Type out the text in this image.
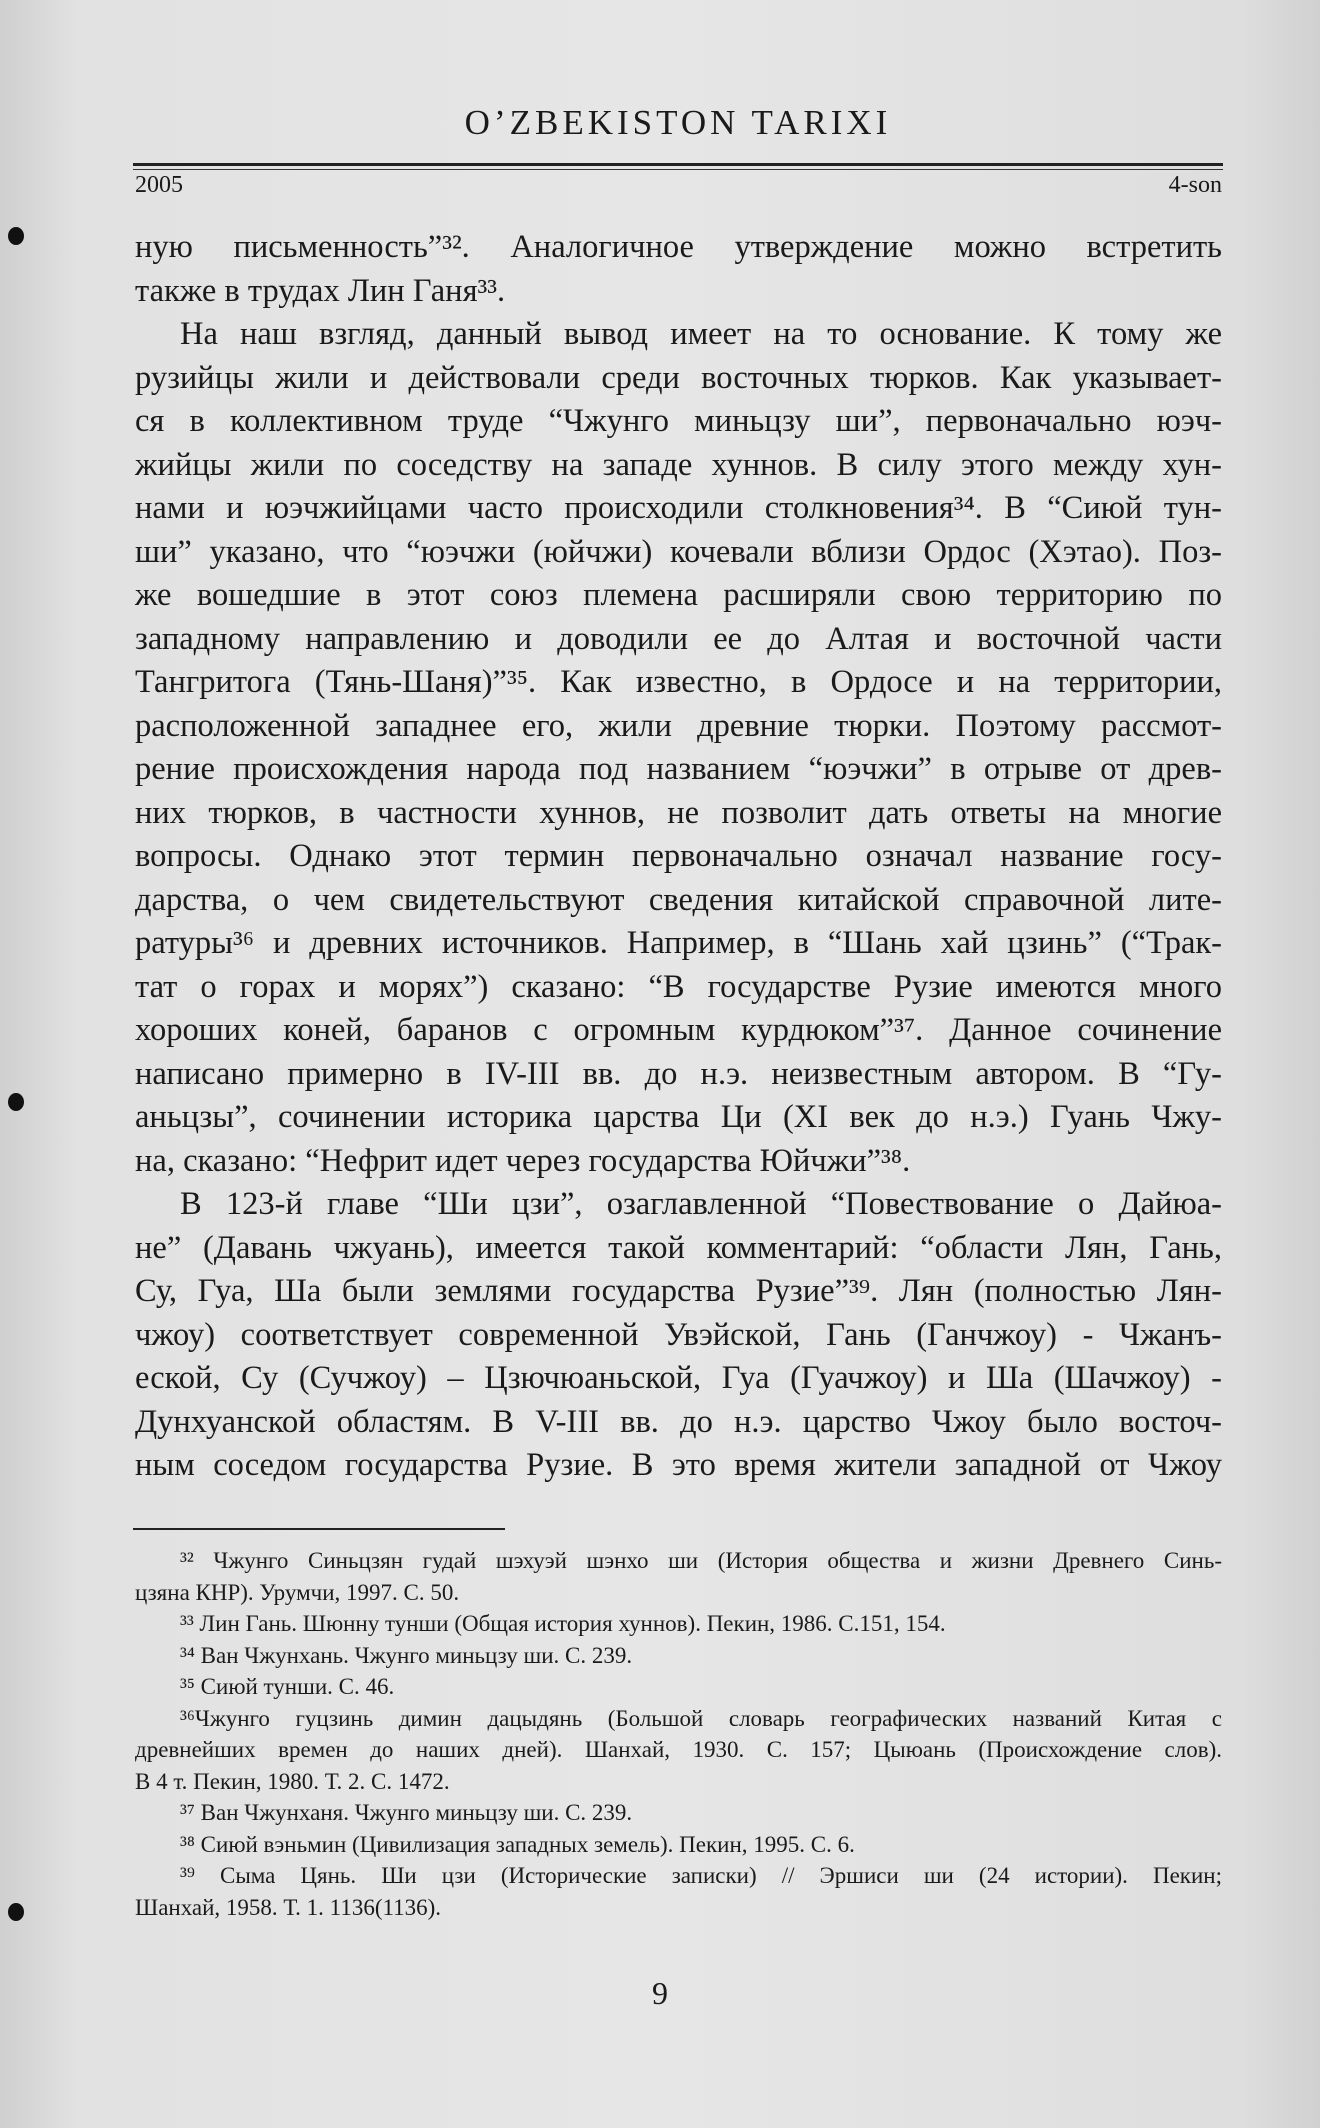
O’ZBEKISTON TARIXI
2005	4-son
ную письменность”³². Аналогичное утверждение можно встретить
также в трудах Лин Ганя³³.
На наш взгляд, данный вывод имеет на то основание. К тому же
рузийцы жили и действовали среди восточных тюрков. Как указывает-
ся в коллективном труде “Чжунго миньцзу ши”, первоначально юэч-
жийцы жили по соседству на западе хуннов. В силу этого между хун-
нами и юэчжийцами часто происходили столкновения³⁴. В “Сиюй тун-
ши” указано, что “юэчжи (юйчжи) кочевали вблизи Ордос (Хэтао). Поз-
же вошедшие в этот союз племена расширяли свою территорию по
западному направлению и доводили ее до Алтая и восточной части
Тангритога (Тянь-Шаня)”³⁵. Как известно, в Ордосе и на территории,
расположенной западнее его, жили древние тюрки. Поэтому рассмот-
рение происхождения народа под названием “юэчжи” в отрыве от древ-
них тюрков, в частности хуннов, не позволит дать ответы на многие
вопросы. Однако этот термин первоначально означал название госу-
дарства, о чем свидетельствуют сведения китайской справочной лите-
ратуры³⁶ и древних источников. Например, в “Шань хай цзинь” (“Трак-
тат о горах и морях”) сказано: “В государстве Рузие имеются много
хороших коней, баранов с огромным курдюком”³⁷. Данное сочинение
написано примерно в IV-III вв. до н.э. неизвестным автором. В “Гу-
аньцзы”, сочинении историка царства Ци (XI век до н.э.) Гуань Чжу-
на, сказано: “Нефрит идет через государства Юйчжи”³⁸.
В 123-й главе “Ши цзи”, озаглавленной “Повествование о Дайюа-
не” (Давань чжуань), имеется такой комментарий: “области Лян, Гань,
Су, Гуа, Ша были землями государства Рузие”³⁹. Лян (полностью Лян-
чжоу) соответствует современной Увэйской, Гань (Ганчжоу) - Чжанъ-
еской, Су (Сучжоу) – Цзючюаньской, Гуа (Гуачжоу) и Ша (Шачжоу) -
Дунхуанской областям. В V-III вв. до н.э. царство Чжоу было восточ-
ным соседом государства Рузие. В это время жители западной от Чжоу
³² Чжунго Синьцзян гудай шэхуэй шэнхо ши (История общества и жизни Древнего Синь-
цзяна КНР). Урумчи, 1997. С. 50.
³³ Лин Гань. Шюнну тунши (Общая история хуннов). Пекин, 1986. С.151, 154.
³⁴ Ван Чжунхань. Чжунго миньцзу ши. С. 239.
³⁵ Сиюй тунши. С. 46.
³⁶Чжунго гуцзинь димин дацыдянь (Большой словарь географических названий Китая с
древнейших времен до наших дней). Шанхай, 1930. С. 157; Цыюань (Происхождение слов).
В 4 т. Пекин, 1980. Т. 2. С. 1472.
³⁷ Ван Чжунханя. Чжунго миньцзу ши. С. 239.
³⁸ Сиюй вэньмин (Цивилизация западных земель). Пекин, 1995. С. 6.
³⁹ Сыма Цянь. Ши цзи (Исторические записки) // Эршиси ши (24 истории). Пекин;
Шанхай, 1958. Т. 1. 1136(1136).
9
